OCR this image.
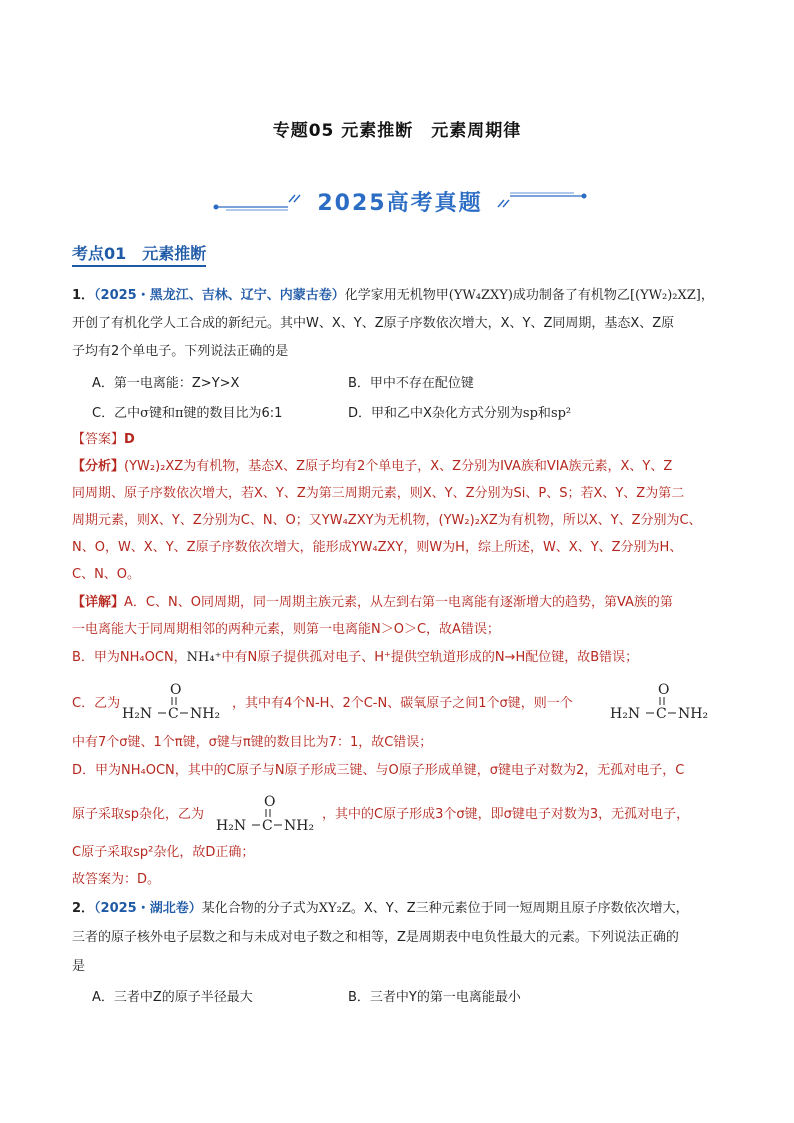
专题05 元素推断　元素周期律
2025高考真题
考点01　元素推断
1．（2025・黑龙江、吉林、辽宁、内蒙古卷）化学家用无机物甲(YW₄ZXY)成功制备了有机物乙[(YW₂)₂XZ]，
开创了有机化学人工合成的新纪元。其中W、X、Y、Z原子序数依次增大，X、Y、Z同周期，基态X、Z原
子均有2个单电子。下列说法正确的是
A．第一电离能：Z>Y>X	B．甲中不存在配位键
C．乙中σ键和π键的数目比为6:1	D．甲和乙中X杂化方式分别为sp和sp²
【答案】D
【分析】(YW₂)₂XZ为有机物，基态X、Z原子均有2个单电子，X、Z分别为IVA族和VIA族元素，X、Y、Z
同周期、原子序数依次增大，若X、Y、Z为第三周期元素，则X、Y、Z分别为Si、P、S；若X、Y、Z为第二
周期元素，则X、Y、Z分别为C、N、O；又YW₄ZXY为无机物，(YW₂)₂XZ为有机物，所以X、Y、Z分别为C、
N、O，W、X、Y、Z原子序数依次增大，能形成YW₄ZXY，则W为H，综上所述，W、X、Y、Z分别为H、
C、N、O。
【详解】A．C、N、O同周期，同一周期主族元素，从左到右第一电离能有逐渐增大的趋势，第VA族的第
一电离能大于同周期相邻的两种元素，则第一电离能N＞O＞C，故A错误；
B．甲为NH₄OCN，NH₄⁺中有N原子提供孤对电子、H⁺提供空轨道形成的N→H配位键，故B错误；
C．乙为
O
H₂N C NH₂
，其中有4个N-H、2个C-N、碳氧原子之间1个σ键，则一个
O
H₂N C NH₂
中有7个σ键、1个π键，σ键与π键的数目比为7：1，故C错误；
D．甲为NH₄OCN，其中的C原子与N原子形成三键、与O原子形成单键，σ键电子对数为2，无孤对电子，C
原子采取sp杂化，乙为
O
H₂N C NH₂
，其中的C原子形成3个σ键，即σ键电子对数为3，无孤对电子，
C原子采取sp²杂化，故D正确；
故答案为：D。
2．（2025・湖北卷）某化合物的分子式为XY₂Z。X、Y、Z三种元素位于同一短周期且原子序数依次增大，
三者的原子核外电子层数之和与未成对电子数之和相等，Z是周期表中电负性最大的元素。下列说法正确的
是
A．三者中Z的原子半径最大	B．三者中Y的第一电离能最小
